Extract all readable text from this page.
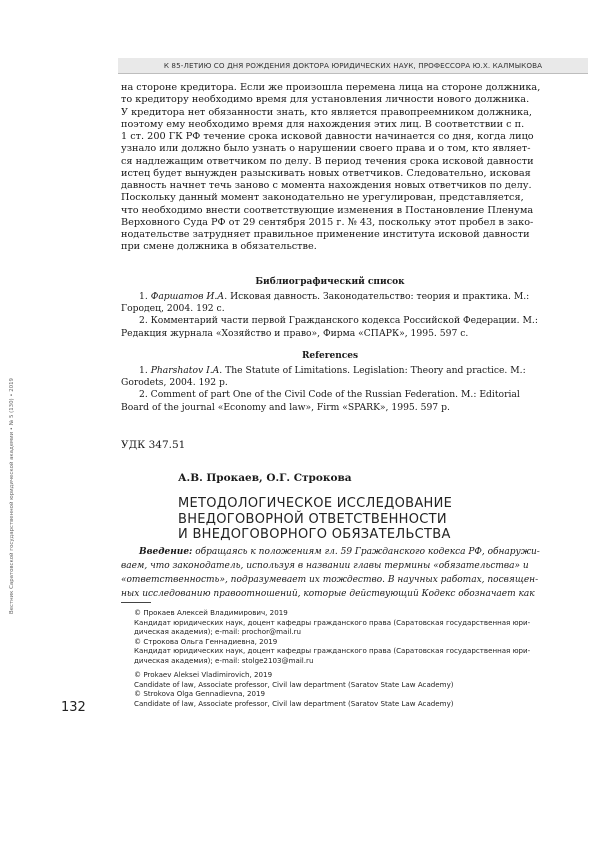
К 85-ЛЕТИЮ СО ДНЯ РОЖДЕНИЯ ДОКТОРА ЮРИДИЧЕСКИХ НАУК, ПРОФЕССОРА Ю.Х. КАЛМЫКОВА
Вестник Саратовской государственной юридической академии • № 5 (130) • 2019
на стороне кредитора. Если же произошла перемена лица на стороне должника,
то кредитору необходимо время для установления личности нового должника.
У кредитора нет обязанности знать, кто является правопреемником должника,
поэтому ему необходимо время для нахождения этих лиц. В соответствии с п.
1 ст. 200 ГК РФ течение срока исковой давности начинается со дня, когда лицо
узнало или должно было узнать о нарушении своего права и о том, кто являет-
ся надлежащим ответчиком по делу. В период течения срока исковой давности
истец будет вынужден разыскивать новых ответчиков. Следовательно, исковая
давность начнет течь заново с момента нахождения новых ответчиков по делу.
Поскольку данный момент законодательно не урегулирован, представляется,
что необходимо внести соответствующие изменения в Постановление Пленума
Верховного Суда РФ от 29 сентября 2015 г. № 43, поскольку этот пробел в зако-
нодательстве затрудняет правильное применение института исковой давности
при смене должника в обязательстве.
Библиографический список
1. Фаршатов И.А. Исковая давность. Законодательство: теория и практика. М.:
Городец, 2004. 192 с.
2. Комментарий части первой Гражданского кодекса Российской Федерации. М.:
Редакция журнала «Хозяйство и право», Фирма «СПАРК», 1995. 597 с.
References
1. Pharshatov I.A. The Statute of Limitations. Legislation: Theory and practice. M.:
Gorodets, 2004. 192 p.
2. Comment of part One of the Civil Code of the Russian Federation. M.: Editorial
Board of the journal «Economy and law», Firm «SPARK», 1995. 597 p.
УДК 347.51
А.В. Прокаев, О.Г. Строкова
МЕТОДОЛОГИЧЕСКОЕ ИССЛЕДОВАНИЕ
ВНЕДОГОВОРНОЙ ОТВЕТСТВЕННОСТИ
И ВНЕДОГОВОРНОГО ОБЯЗАТЕЛЬСТВА
Введение: обращаясь к положениям гл. 59 Гражданского кодекса РФ, обнаружи-
ваем, что законодатель, используя в названии главы термины «обязательства» и
«ответственность», подразумевает их тождество. В научных работах, посвящен-
ных исследованию правоотношений, которые действующий Кодекс обозначает как
© Прокаев Алексей Владимирович, 2019
Кандидат юридических наук, доцент кафедры гражданского права (Саратовская государственная юри-
дическая академия); e-mail: prochor@mail.ru
© Строкова Ольга Геннадиевна, 2019
Кандидат юридических наук, доцент кафедры гражданского права (Саратовская государственная юри-
дическая академия); e-mail: stolge2103@mail.ru
© Prokaev Aleksei Vladimirovich, 2019
Candidate of law, Associate professor, Civil law department (Saratov State Law Academy)
© Strokova Olga Gennadievna, 2019
Candidate of law, Associate professor, Civil law department (Saratov State Law Academy)
132
